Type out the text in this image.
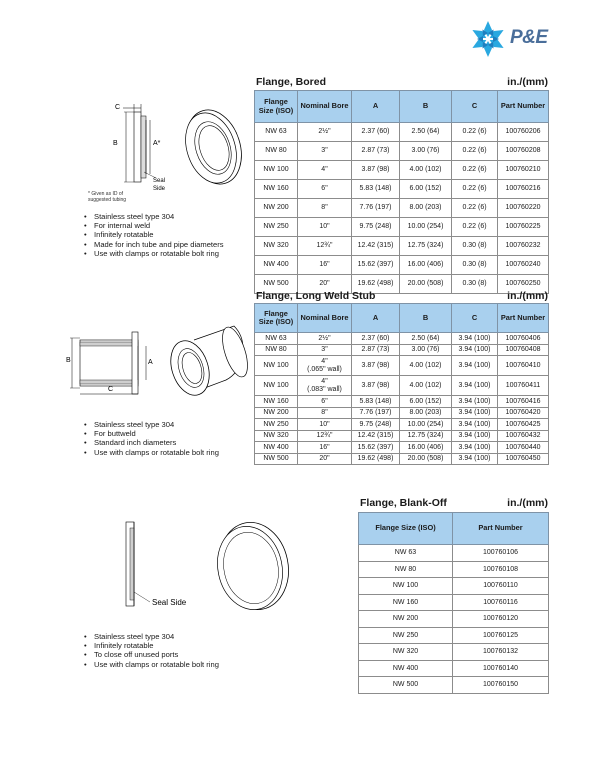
P&E
Flange, Bored	in./(mm)
Flange Size (ISO)	Nominal Bore	A	B	C	Part Number
NW 63	2½"	2.37 (60)	2.50 (64)	0.22 (6)	100760206
NW 80	3"	2.87 (73)	3.00 (76)	0.22 (6)	100760208
NW 100	4"	3.87 (98)	4.00 (102)	0.22 (6)	100760210
NW 160	6"	5.83 (148)	6.00 (152)	0.22 (6)	100760216
NW 200	8"	7.76 (197)	8.00 (203)	0.22 (6)	100760220
NW 250	10"	9.75 (248)	10.00 (254)	0.22 (6)	100760225
NW 320	12¾"	12.42 (315)	12.75 (324)	0.30 (8)	100760232
NW 400	16"	15.62 (397)	16.00 (406)	0.30 (8)	100760240
NW 500	20"	19.62 (498)	20.00 (508)	0.30 (8)	100760250
C
B	A*
Seal
Side
* Given as ID of
suggested tubing
• Stainless steel type 304
• For internal weld
• Infinitely rotatable
• Made for inch tube and pipe diameters
• Use with clamps or rotatable bolt ring
Flange, Long Weld Stub	in./(mm)
Flange Size (ISO)	Nominal Bore	A	B	C	Part Number
NW 63	2½"	2.37 (60)	2.50 (64)	3.94 (100)	100760406
NW 80	3"	2.87 (73)	3.00 (76)	3.94 (100)	100760408
NW 100	4"
(.065" wall)	3.87 (98)	4.00 (102)	3.94 (100)	100760410
NW 100	4"
(.083" wall)	3.87 (98)	4.00 (102)	3.94 (100)	100760411
NW 160	6"	5.83 (148)	6.00 (152)	3.94 (100)	100760416
NW 200	8"	7.76 (197)	8.00 (203)	3.94 (100)	100760420
NW 250	10"	9.75 (248)	10.00 (254)	3.94 (100)	100760425
NW 320	12¾"	12.42 (315)	12.75 (324)	3.94 (100)	100760432
NW 400	16"	15.62 (397)	16.00 (406)	3.94 (100)	100760440
NW 500	20"	19.62 (498)	20.00 (508)	3.94 (100)	100760450
B	A
C
• Stainless steel type 304
• For buttweld
• Standard inch diameters
• Use with clamps or rotatable bolt ring
Flange, Blank-Off	in./(mm)
Flange Size (ISO)	Part Number
NW 63	100760106
NW 80	100760108
NW 100	100760110
NW 160	100760116
NW 200	100760120
NW 250	100760125
NW 320	100760132
NW 400	100760140
NW 500	100760150
Seal Side
• Stainless steel type 304
• Infinitely rotatable
• To close off unused ports
• Use with clamps or rotatable bolt ring
